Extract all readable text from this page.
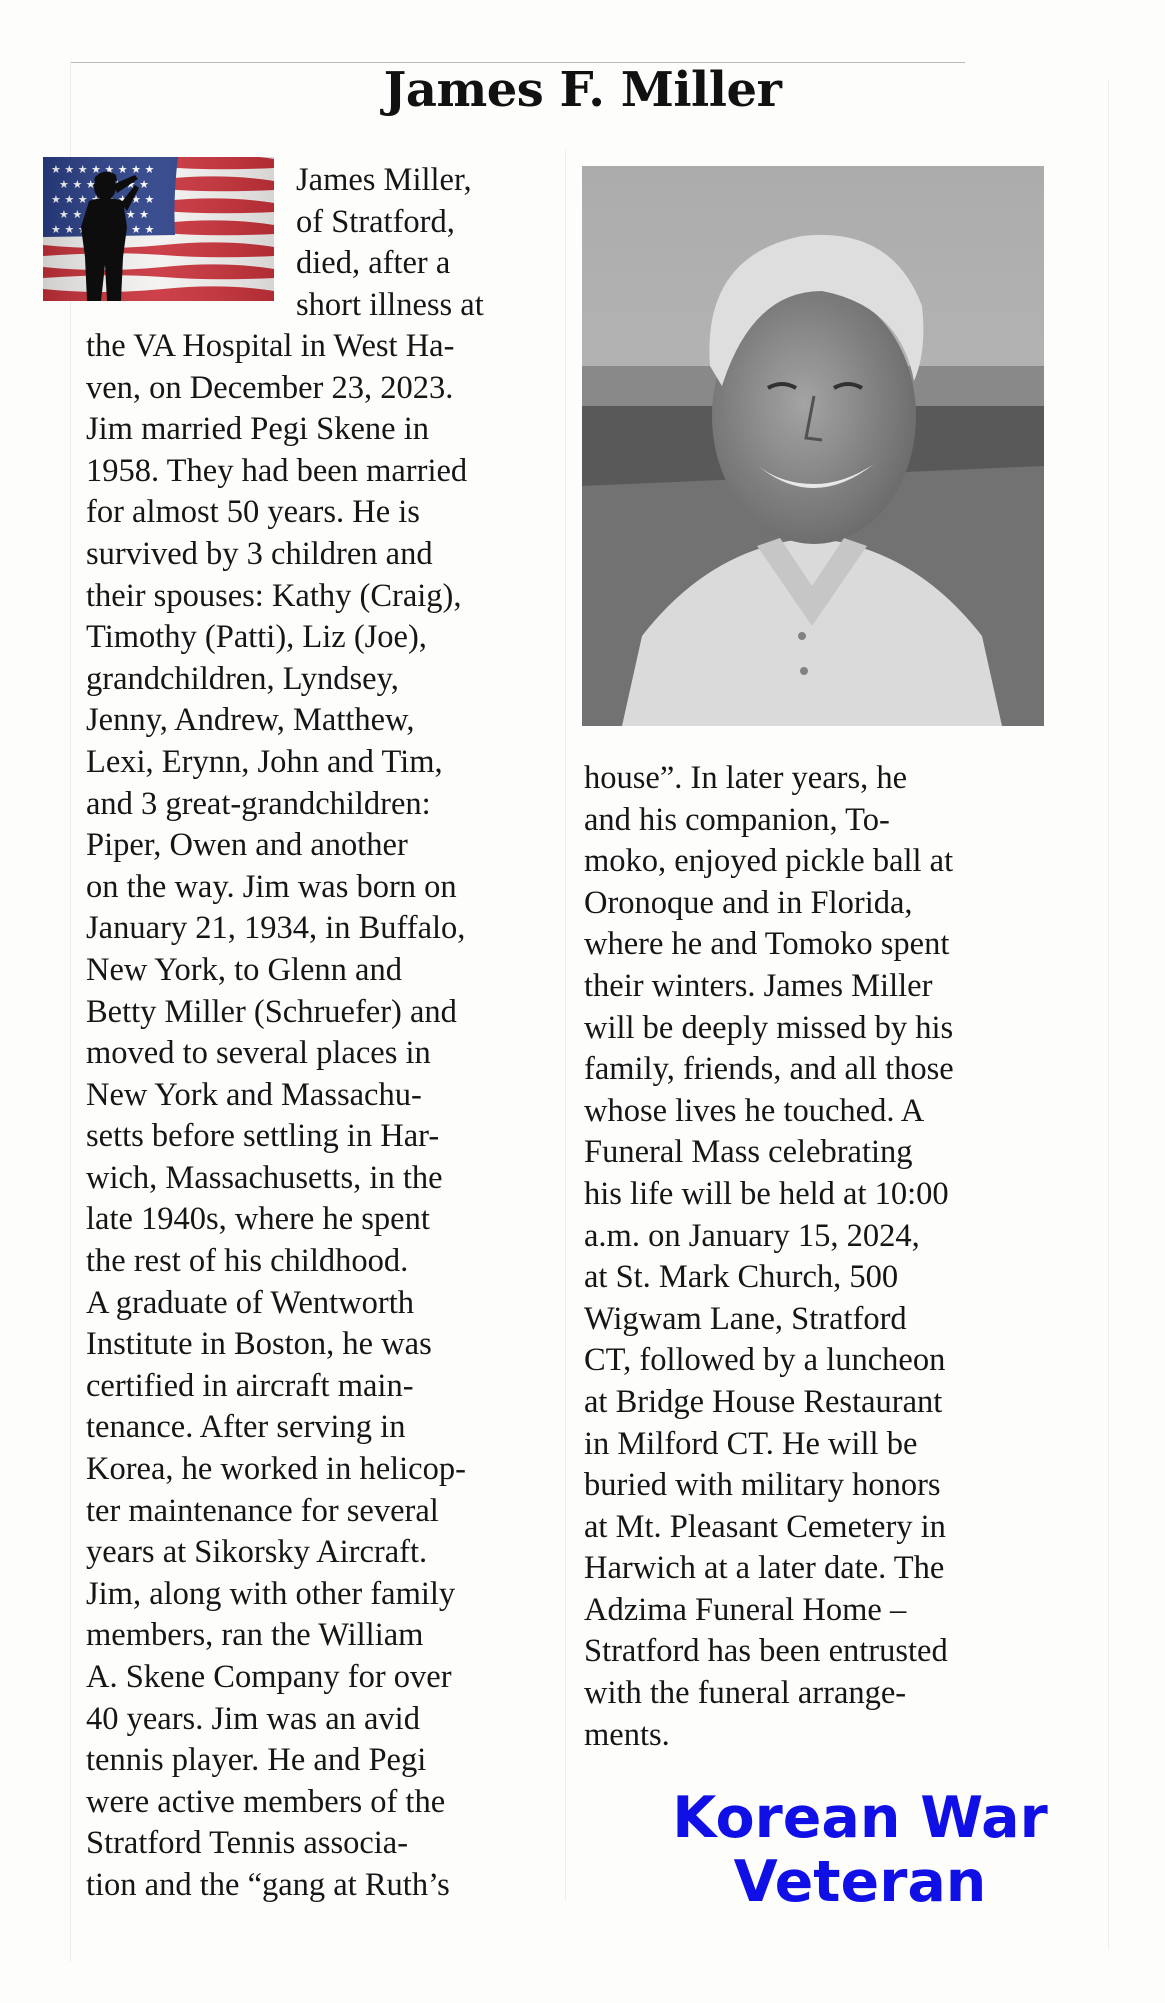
James F. Miller
James Miller,
of Stratford,
died, after a
short illness at
the VA Hospital in West Ha-
ven, on December 23, 2023.
Jim married Pegi Skene in
1958. They had been married
for almost 50 years. He is
survived by 3 children and
their spouses: Kathy (Craig),
Timothy (Patti), Liz (Joe),
grandchildren, Lyndsey,
Jenny, Andrew, Matthew,
Lexi, Erynn, John and Tim,
and 3 great-grandchildren:
Piper, Owen and another
on the way. Jim was born on
January 21, 1934, in Buffalo,
New York, to Glenn and
Betty Miller (Schruefer) and
moved to several places in
New York and Massachu-
setts before settling in Har-
wich, Massachusetts, in the
late 1940s, where he spent
the rest of his childhood.
A graduate of Wentworth
Institute in Boston, he was
certified in aircraft main-
tenance. After serving in
Korea, he worked in helicop-
ter maintenance for several
years at Sikorsky Aircraft.
Jim, along with other family
members, ran the William
A. Skene Company for over
40 years. Jim was an avid
tennis player. He and Pegi
were active members of the
Stratford Tennis associa-
tion and the “gang at Ruth’s
house”. In later years, he
and his companion, To-
moko, enjoyed pickle ball at
Oronoque and in Florida,
where he and Tomoko spent
their winters. James Miller
will be deeply missed by his
family, friends, and all those
whose lives he touched. A
Funeral Mass celebrating
his life will be held at 10:00
a.m. on January 15, 2024,
at St. Mark Church, 500
Wigwam Lane, Stratford
CT, followed by a luncheon
at Bridge House Restaurant
in Milford CT. He will be
buried with military honors
at Mt. Pleasant Cemetery in
Harwich at a later date. The
Adzima Funeral Home –
Stratford has been entrusted
with the funeral arrange-
ments.
Korean War
Veteran
